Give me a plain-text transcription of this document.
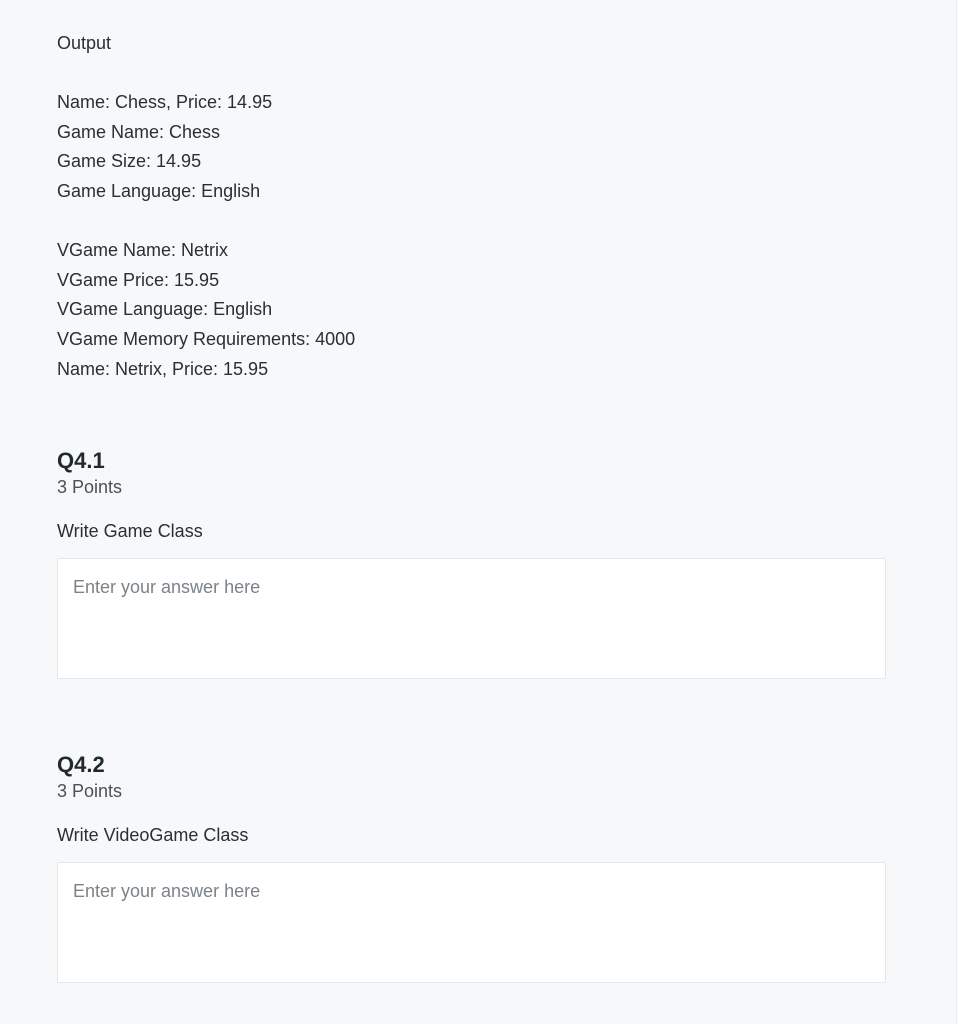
Output

Name: Chess, Price: 14.95
Game Name: Chess
Game Size: 14.95
Game Language: English
VGame Name: Netrix
VGame Price: 15.95
VGame Language: English
VGame Memory Requirements: 4000
Name: Netrix, Price: 15.95
Q4.1

3 Points

Write Game Class

Enter your answer here
Q4.2

3 Points

Write VideoGame Class

Enter your answer here
